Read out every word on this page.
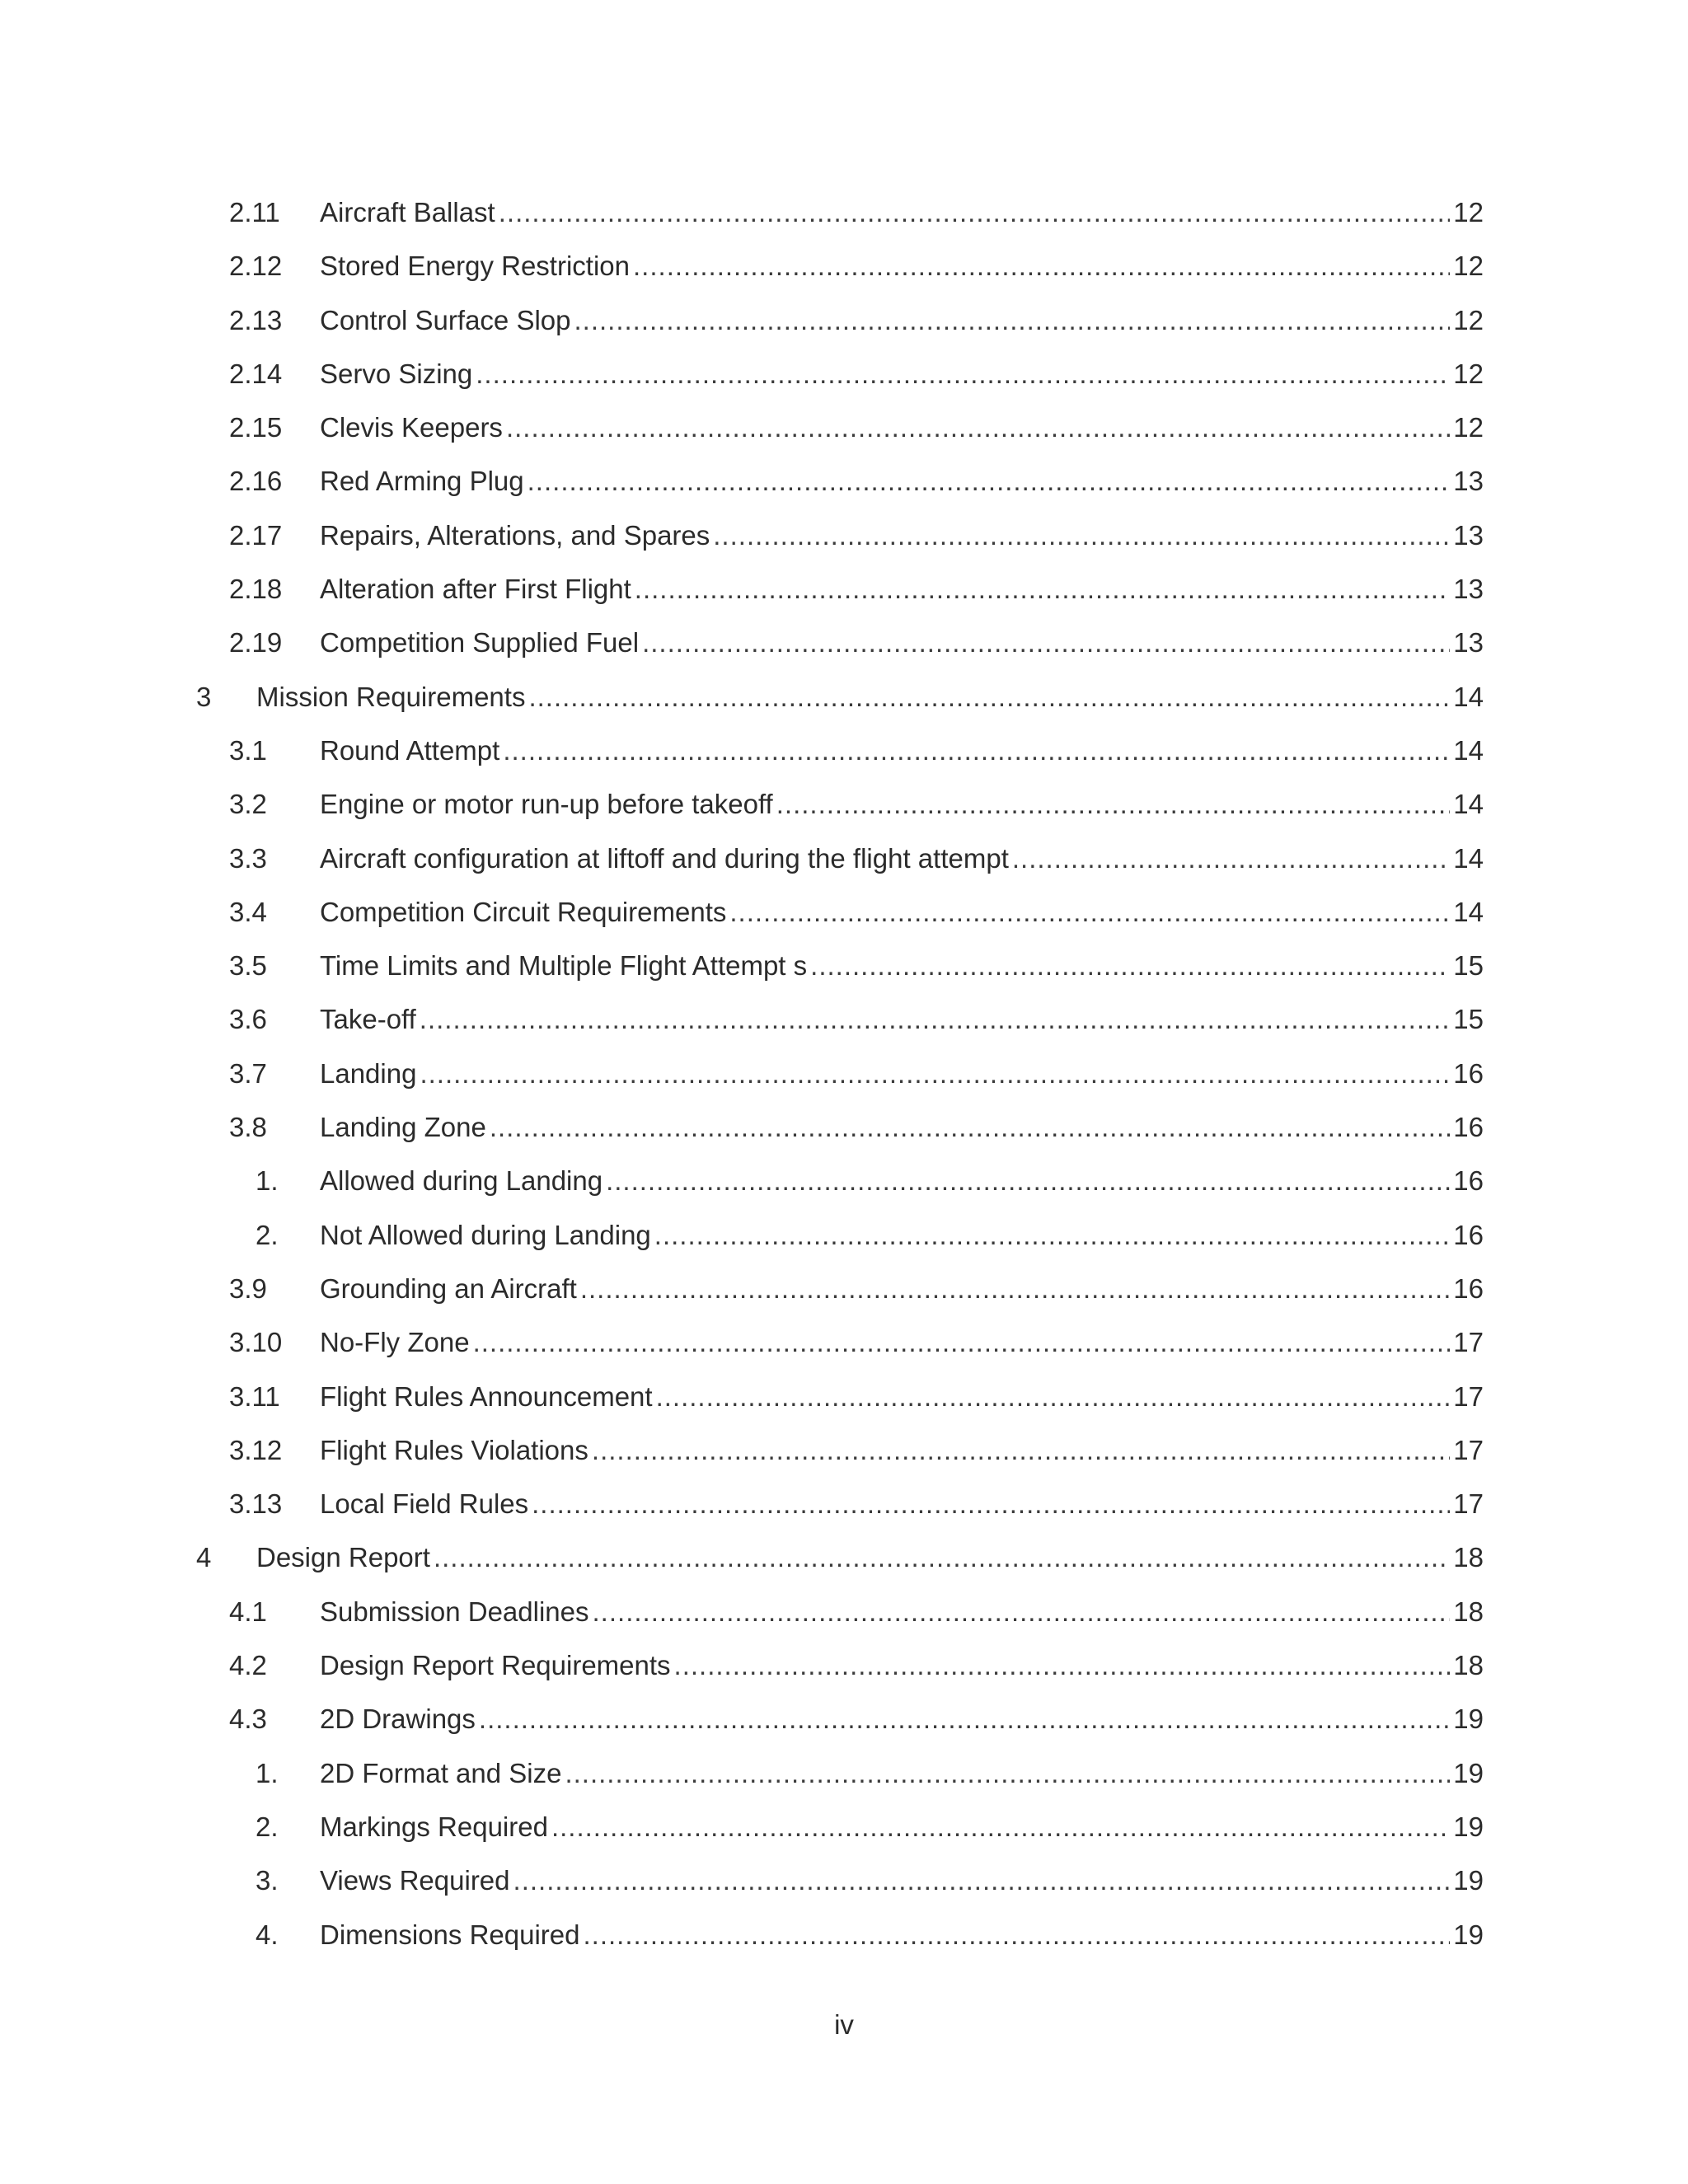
2.11	Aircraft Ballast .....	12
2.12	Stored Energy Restriction .....	12
2.13	Control Surface Slop .....	12
2.14	Servo Sizing .....	12
2.15	Clevis Keepers .....	12
2.16	Red Arming Plug .....	13
2.17	Repairs, Alterations, and Spares .....	13
2.18	Alteration after First Flight .....	13
2.19	Competition Supplied Fuel .....	13
3	Mission Requirements .....	14
3.1	Round Attempt .....	14
3.2	Engine or motor run-up before takeoff .....	14
3.3	Aircraft configuration at liftoff and during the flight attempt .....	14
3.4	Competition Circuit Requirements .....	14
3.5	Time Limits and Multiple Flight Attempt s .....	15
3.6	Take-off .....	15
3.7	Landing .....	16
3.8	Landing Zone .....	16
1.	Allowed during Landing .....	16
2.	Not Allowed during Landing .....	16
3.9	Grounding an Aircraft .....	16
3.10	No-Fly Zone .....	17
3.11	Flight Rules Announcement .....	17
3.12	Flight Rules Violations .....	17
3.13	Local Field Rules .....	17
4	Design Report .....	18
4.1	Submission Deadlines .....	18
4.2	Design Report Requirements .....	18
4.3	2D Drawings .....	19
1.	2D Format and Size .....	19
2.	Markings Required .....	19
3.	Views Required .....	19
4.	Dimensions Required .....	19
iv
